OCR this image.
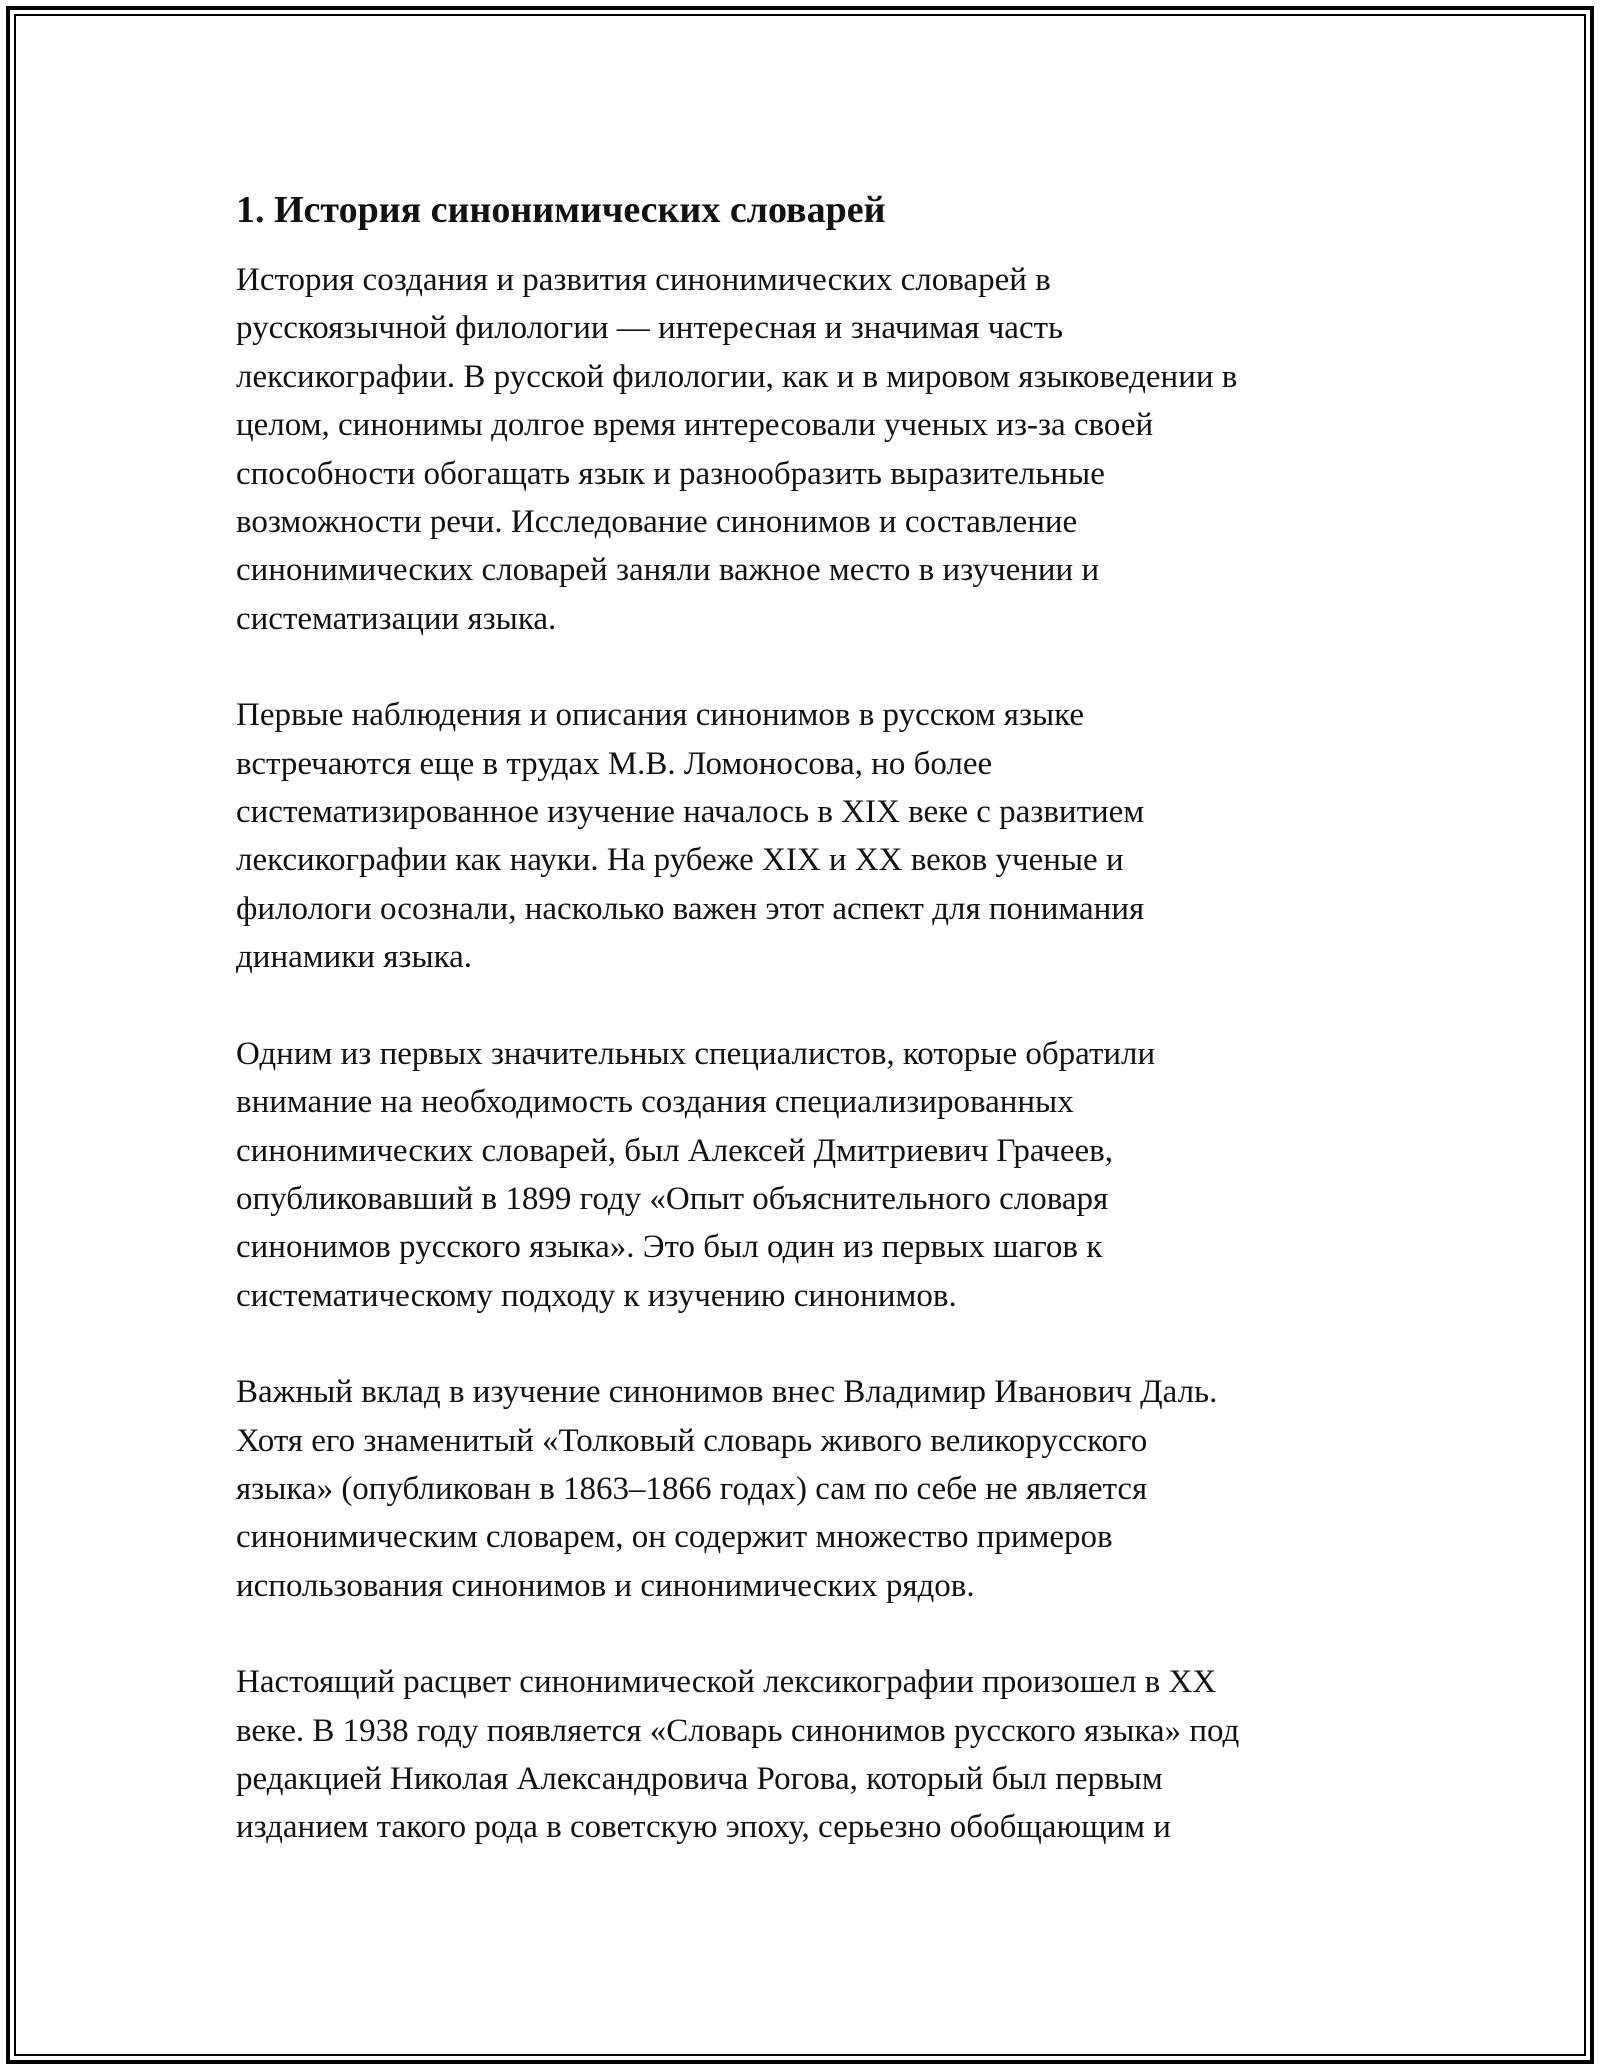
1. История синонимических словарей
История создания и развития синонимических словарей в
русскоязычной филологии — интересная и значимая часть
лексикографии. В русской филологии, как и в мировом языковедении в
целом, синонимы долгое время интересовали ученых из-за своей
способности обогащать язык и разнообразить выразительные
возможности речи. Исследование синонимов и составление
синонимических словарей заняли важное место в изучении и
систематизации языка.
Первые наблюдения и описания синонимов в русском языке
встречаются еще в трудах М.В. Ломоносова, но более
систематизированное изучение началось в XIX веке с развитием
лексикографии как науки. На рубеже XIX и XX веков ученые и
филологи осознали, насколько важен этот аспект для понимания
динамики языка.
Одним из первых значительных специалистов, которые обратили
внимание на необходимость создания специализированных
синонимических словарей, был Алексей Дмитриевич Грачеев,
опубликовавший в 1899 году «Опыт объяснительного словаря
синонимов русского языка». Это был один из первых шагов к
систематическому подходу к изучению синонимов.
Важный вклад в изучение синонимов внес Владимир Иванович Даль.
Хотя его знаменитый «Толковый словарь живого великорусского
языка» (опубликован в 1863–1866 годах) сам по себе не является
синонимическим словарем, он содержит множество примеров
использования синонимов и синонимических рядов.
Настоящий расцвет синонимической лексикографии произошел в XX
веке. В 1938 году появляется «Словарь синонимов русского языка» под
редакцией Николая Александровича Рогова, который был первым
изданием такого рода в советскую эпоху, серьезно обобщающим и
